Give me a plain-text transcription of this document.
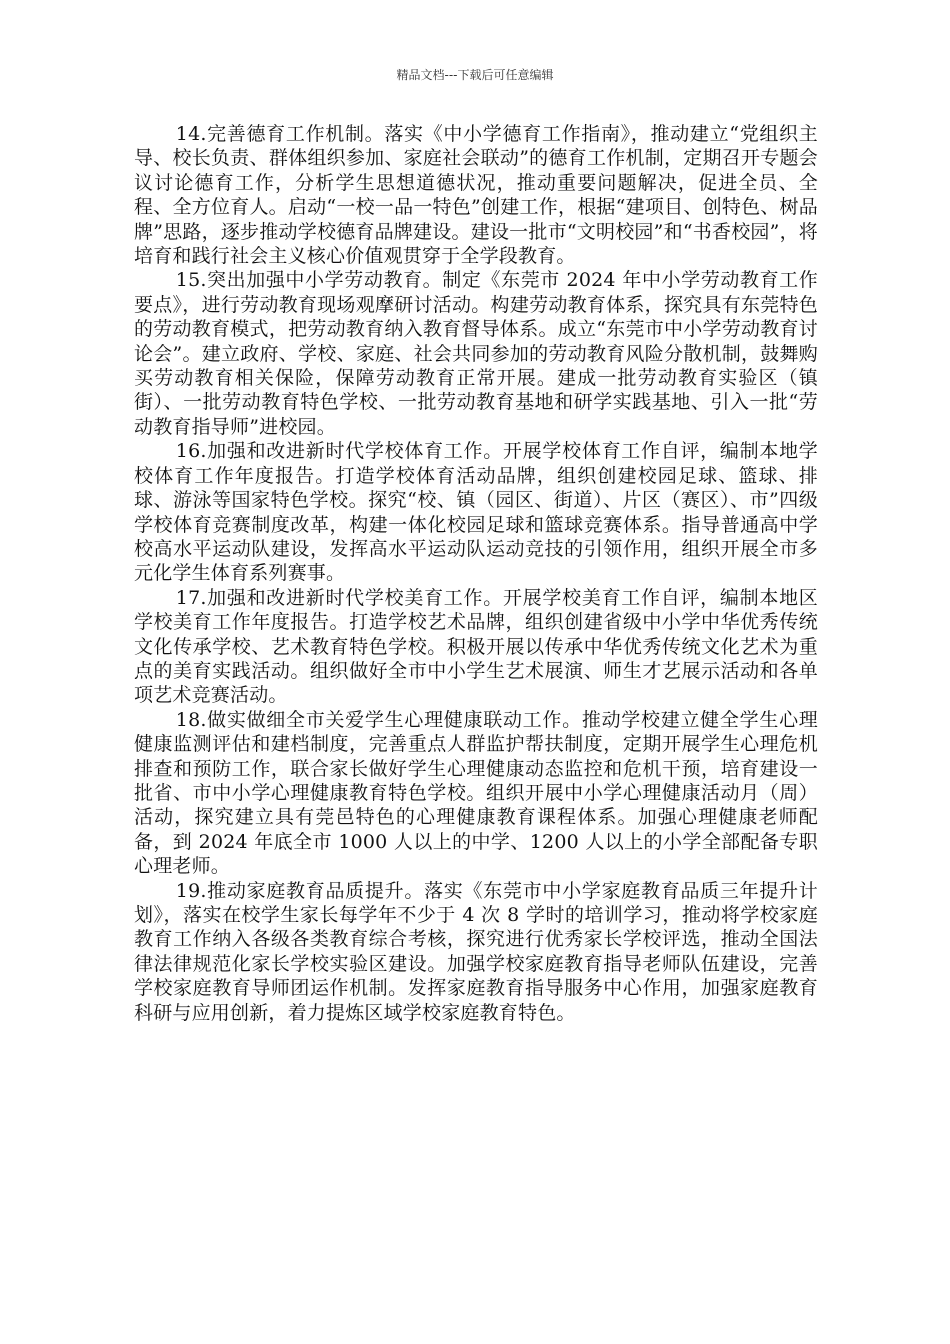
精品文档---下载后可任意编辑

14.完善德育工作机制。落实《中小学德育工作指南》，推动建立“党组织主导、校长负责、群体组织参加、家庭社会联动”的德育工作机制，定期召开专题会议讨论德育工作，分析学生思想道德状况，推动重要问题解决，促进全员、全程、全方位育人。启动“一校一品一特色”创建工作，根据“建项目、创特色、树品牌”思路，逐步推动学校德育品牌建设。建设一批市“文明校园”和“书香校园”，将培育和践行社会主义核心价值观贯穿于全学段教育。

15.突出加强中小学劳动教育。制定《东莞市 2024 年中小学劳动教育工作要点》，进行劳动教育现场观摩研讨活动。构建劳动教育体系，探究具有东莞特色的劳动教育模式，把劳动教育纳入教育督导体系。成立“东莞市中小学劳动教育讨论会”。建立政府、学校、家庭、社会共同参加的劳动教育风险分散机制，鼓舞购买劳动教育相关保险，保障劳动教育正常开展。建成一批劳动教育实验区（镇街）、一批劳动教育特色学校、一批劳动教育基地和研学实践基地、引入一批“劳动教育指导师”进校园。

16.加强和改进新时代学校体育工作。开展学校体育工作自评，编制本地学校体育工作年度报告。打造学校体育活动品牌，组织创建校园足球、篮球、排球、游泳等国家特色学校。探究“校、镇（园区、街道）、片区（赛区）、市”四级学校体育竞赛制度改革，构建一体化校园足球和篮球竞赛体系。指导普通高中学校高水平运动队建设，发挥高水平运动队运动竞技的引领作用，组织开展全市多元化学生体育系列赛事。

17.加强和改进新时代学校美育工作。开展学校美育工作自评，编制本地区学校美育工作年度报告。打造学校艺术品牌，组织创建省级中小学中华优秀传统文化传承学校、艺术教育特色学校。积极开展以传承中华优秀传统文化艺术为重点的美育实践活动。组织做好全市中小学生艺术展演、师生才艺展示活动和各单项艺术竞赛活动。

18.做实做细全市关爱学生心理健康联动工作。推动学校建立健全学生心理健康监测评估和建档制度，完善重点人群监护帮扶制度，定期开展学生心理危机排查和预防工作，联合家长做好学生心理健康动态监控和危机干预，培育建设一批省、市中小学心理健康教育特色学校。组织开展中小学心理健康活动月（周）活动，探究建立具有莞邑特色的心理健康教育课程体系。加强心理健康老师配备，到 2024 年底全市 1000 人以上的中学、1200 人以上的小学全部配备专职心理老师。

19.推动家庭教育品质提升。落实《东莞市中小学家庭教育品质三年提升计划》，落实在校学生家长每学年不少于 4 次 8 学时的培训学习，推动将学校家庭教育工作纳入各级各类教育综合考核，探究进行优秀家长学校评选，推动全国法律法律规范化家长学校实验区建设。加强学校家庭教育指导老师队伍建设，完善学校家庭教育导师团运作机制。发挥家庭教育指导服务中心作用，加强家庭教育科研与应用创新，着力提炼区域学校家庭教育特色。
